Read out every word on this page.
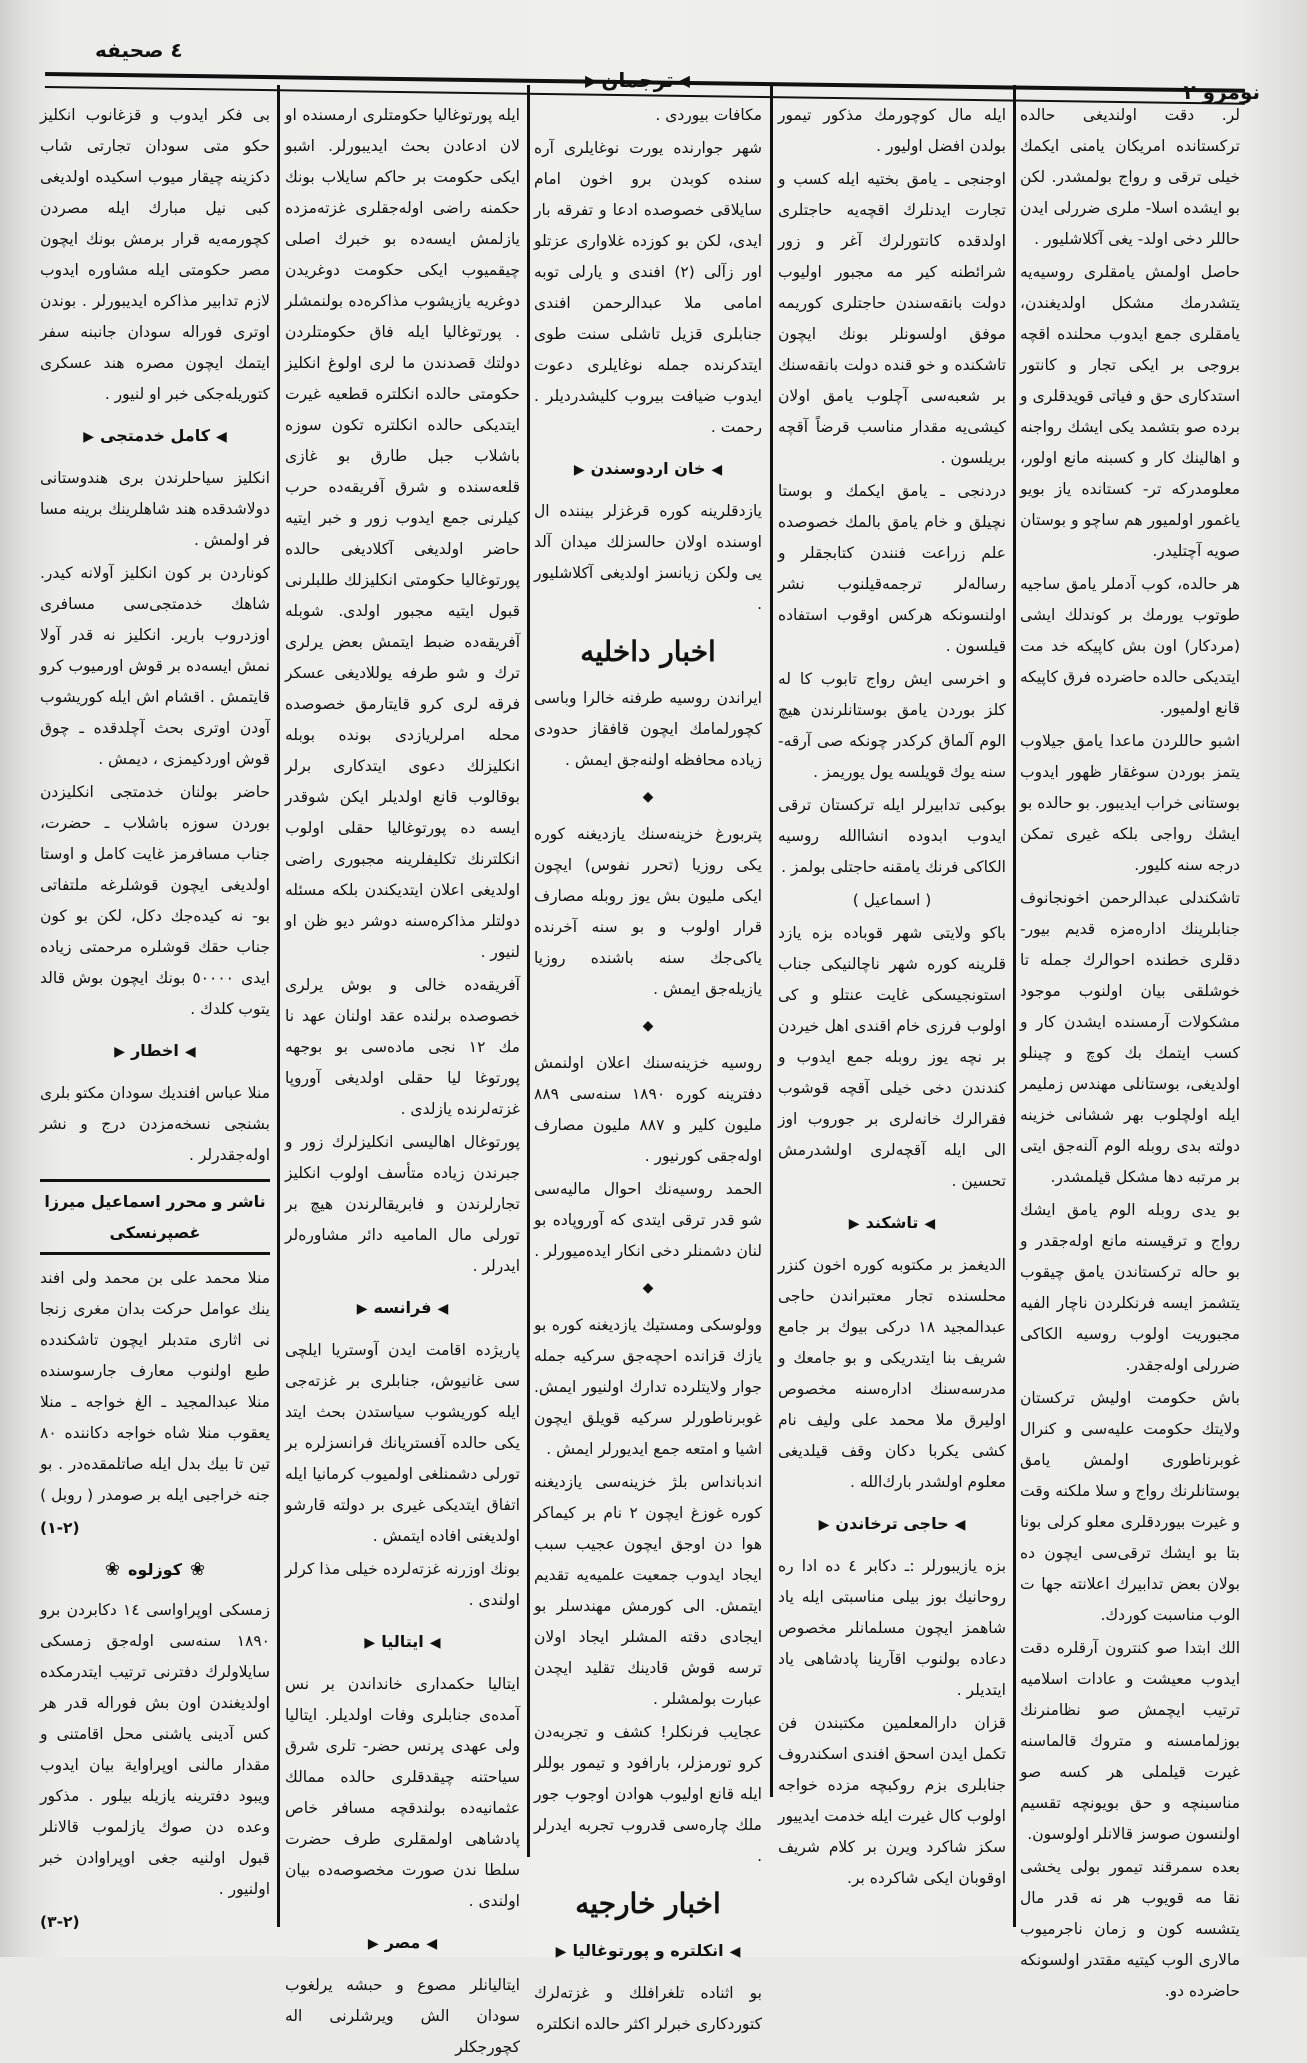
٤ صحيفه
◀
ترجمان
▶	نومرو ٢

لر. دقت اولنديغى حالده تركستانده امريكان يامنى ايكمك خيلى ترقى و رواج بولمشدر. لكن بو ايشده اسلا- ملرى ضررلى ايدن حاللر دخى اولد- يغى آكلاشليور .

حاصل اولمش يامقلرى روسيه‌يه يتشدرمك مشكل اولديغندن، يامقلرى جمع ايدوب محلنده اقچه بروجى بر ايكى تجار و كانتور استدكارى حق و فياتى قويدقلرى و برده صو بتشمد يكى ايشك رواجنه و اهالينك كار و كسبنه مانع اولور، معلومدركه تر- كستانده ياز بويو ياغمور اولميور هم ساچو و بوستان صويه آچتليدر.

هر حالده، كوب آدملر يامق ساجيه طوتوب يورمك بر كوندلك ايشى (مردكار) اون بش كاپيكه خد مت ايتديكى حالده حاضرده فرق كاپيكه قانع اولميور.

اشبو حاللردن ماعدا يامق جيلاوب يتمز بوردن سوغقار ظهور ايدوب بوستانى خراب ايديبور. بو حالده بو ايشك رواجى بلكه غيرى تمكن درجه سنه كليور.

تاشكندلى عبدالرحمن اخونجانوف جنابلرينك اداره‌مزه قديم بيور- دقلرى خطنده احوالرك جمله تا خوشلقى بيان اولنوب موجود مشكولات آرمسنده ايشدن كار و كسب ايتمك بك كوچ و چينلو اولديغى، بوستانلى مهندس زمليمر ايله اولچلوب بهر ششانى خزينه دولته بدى روبله الوم آلنه‌جق ايتى بر مرتبه دها مشكل قيلمشدر.

بو يدى روبله الوم يامق ايشك رواج و ترقيسنه مانع اوله‌جقدر و بو حاله تركستاندن يامق چيقوب يتشمز ايسه فرنكلردن ناچار الفيه مجبوريت اولوب روسيه الكاكى ضررلى اوله‌جقدر.

باش حكومت اوليش تركستان ولايتك حكومت عليه‌سى و كنرال غوبرناطورى اولمش يامق بوستانلرنك رواج و سلا ملكنه وقت و غيرت بيوردقلرى معلو كرلى بونا بتا بو ايشك ترقى‌سى ايچون ده بولان بعض تدابيرك اعلانته جها ت الوب مناسبت كوردك.

الك ابتدا صو كنترون آرقلره دقت ايدوب معيشت و عادات اسلاميه ترتيب ايچمش صو نظامنرنك بوزلمامسنه و متروك قالماسنه غيرت قيلملى هر كسه صو مناسبنچه و حق بويونچه تقسيم اولنسون صوسز قالانلر اولوسون.

بعده سمرقند تيمور بولى يخشى نقا مه قويوب هر نه قدر مال يتشسه كون و زمان ناجرميوب مالارى الوب كيتيه مقتدر اولسونكه حاضرده دو.

ايله مال كوچورمك مذكور تيمور بولدن افضل اوليور .

اوجنجى ـ يامق بختيه ايله كسب و تجارت ايدنلرك اقچه‌يه حاجتلرى اولدقده كانتورلرك آغر و زور شرائطنه كير مه مجبور اوليوب دولت بانقه‌سندن حاجتلرى كوريمه موفق اولسونلر بونك ايچون تاشكنده و خو قنده دولت بانقه‌سنك بر شعبه‌سى آچلوب يامق اولان كيشى‌يه مقدار مناسب قرضاً آقچه بريلسون .

دردنجى ـ يامق ايكمك و بوستا نچيلق و خام يامق بالمك خصوصده علم زراعت فنندن كتابجقلر و رساله‌لر ترجمه‌قيلنوب نشر اولنسونكه هركس اوقوب استفاده قيلسون .

و اخرسى ايش رواج تابوب كا له كلز بوردن يامق بوستانلرندن هيچ الوم آلماق كركدر چونكه صى آرقه- سنه يوك قويلسه يول يوريمز .

بوكبى تدابيرلر ايله تركستان ترقى ايدوب ابدوده انشاالله روسيه الكاكى فرنك يامقنه حاجتلى بولمز .

( اسماعيل )

باكو ولايتى شهر قوباده بزه يازد قلرينه كوره شهر ناچالنيكى جناب استونجيسكى غايت عنتلو و كى اولوب فرزى خام اقندى اهل خيردن بر نچه يوز روبله جمع ايدوب و كندندن دخى خيلى آقچه قوشوب فقرالرك خانه‌لرى بر جوروب اوز الى ايله آقچه‌لرى اولشدرمش تحسين .

◀تاشكند▶

الديغمز بر مكتوبه كوره اخون كنزر محلسنده تجار معتبراندن حاجى عبدالمجيد ١٨ دركى بيوك بر جامع شريف بنا ايتدريكى و بو جامعك و مدرسه‌سنك اداره‌سنه مخصوص اوليرق ملا محمد على وليف نام كشى يكربا دكان وقف قيلديغى معلوم اولشدر بارك‌الله .

◀حاجى ترخاندن▶

بزه يازيبورلر :ـ دكابر ٤ ده ادا ره روحانيك بوز بيلى مناسبتى ايله ياد شاهمز ايچون مسلمانلر مخصوص دعاده بولنوب اقآرينا پادشاهى ياد ايتديلر .

قزان دارالمعلمين مكتبندن فن تكمل ايدن اسحق افندى اسكندروف جنابلرى بزم روكبچه مزده خواجه اولوب كال غيرت ايله خدمت ايدييور سكز شاكرد ويرن بر كلام شريف اوقوبان ايكى شاكرده بر.

مكافات بيوردى .

شهر جوارنده يورت نوغايلرى آره سنده كوبدن برو اخون امام سايلاقى خصوصده ادعا و تفرقه بار ايدى، لكن بو كوزده غلاوارى عزتلو اور زآلى (٢) افندى و يارلى توبه امامى ملا عبدالرحمن افندى جنابلرى قزيل تاشلى سنت طوى ايتدكرنده جمله نوغايلرى دعوت ايدوب ضيافت بيروب كليشدرديلر . رحمت .

◀خان اردوسندن▶

يازدقلرينه كوره قرغزلر بيننده ال اوسنده اولان حالسزلك ميدان آلد يى ولكن زيانسز اولديغى آكلاشليور .

اخبار داخليه

ايراندن روسيه طرفنه خالرا وباسى كچورلمامك ايچون قافقاز حدودى زياده محافظه اولنه‌جق ايمش .

◆

پتربورغ خزينه‌سنك يازديغنه كوره يكى روزيا (تحرر نفوس) ايچون ايكى مليون بش يوز روبله مصارف قرار اولوب و بو سنه آخرنده ياكى‌جك سنه باشنده روزيا يازيله‌جق ايمش .

◆

روسيه خزينه‌سنك اعلان اولنمش دفترينه كوره ١٨٩٠ سنه‌سى ٨٨٩ مليون كلير و ٨٨٧ مليون مصارف اوله‌جقى كورنيور .

الحمد روسيه‌نك احوال ماليه‌سى شو قدر ترقى ايتدى كه آوروپاده بو لنان دشمنلر دخى انكار ايده‌ميورلر .

◆

وولوسكى ومستيك يازديغنه كوره بو يازك قزانده احچه‌جق سركيه جمله جوار ولايتلرده تدارك اولنيور ايمش. غوبرناطورلر سركيه قويلق ايچون اشيا و امتعه جمع ايديورلر ايمش .

اندبانداس بلژ خزينه‌سى يازديغنه كوره غوزغ ايچون ٢ نام بر كيماكر هوا دن اوجق ايچون عجيب سبب ايجاد ايدوب جمعيت علميه‌يه تقديم ايتمش. الى كورمش مهندسلر بو ايجادى دقته المشلر ايجاد اولان ترسه قوش قادينك تقليد ايچدن عبارت بولمشلر .

عجايب فرنكلر! كشف و تجربه‌دن كرو تورمزلر، بارافود و تيمور بوللر ايله قانع اوليوب هوادن اوجوب جور ملك چاره‌سى قدروب تجربه ايدرلر .

اخبار خارجيه
◀انكلتره و پورتوغاليا▶

بو اثناده تلغرافلك و غزته‌لرك كتوردكارى خبرلر اكثر حالده انكلتره

ايله پورتوغاليا حكومتلرى ارمسنده او لان ادعادن بحث ايديبورلر. اشبو ايكى حكومت بر حاكم سايلاب بونك حكمنه راضى اوله‌جقلرى غزته‌مزده يازلمش ايسه‌ده بو خبرك اصلى چيقميوب ايكى حكومت دوغريدن دوغريه يازيشوب مذاكره‌ده بولنمشلر . پورتوغاليا ايله فاق حكومتلردن دولتك قصدندن ما لرى اولوغ انكليز حكومتى حالده انكلتره قطعيه غيرت ايتديكى حالده انكلتره تكون سوزه باشلاب جبل طارق بو غازى قلعه‌سنده و شرق آفريقه‌ده حرب كيلرنى جمع ايدوب زور و خبر ايتيه حاضر اولديغى آكلاديغى حالده پورتوغاليا حكومتى انكليزلك طلبلرنى قبول ايتيه مجبور اولدى. شوبله آفريقه‌ده ضبط ايتمش بعض يرلرى ترك و شو طرفه يوللاديغى عسكر فرقه لرى كرو قايتارمق خصوصده محله امرلريازدى بونده بوبله انكليزلك دعوى ايتدكارى برلر بوقالوب قانع اولديلر ايكن شوقدر ايسه ده پورتوغاليا حقلى اولوب انكلترنك تكليفلرينه مجبورى راضى اولديغى اعلان ايتديكندن بلكه مسئله دولتلر مذاكره‌سنه دوشر ديو ظن او لنيور .

آفريقه‌ده خالى و بوش يرلرى خصوصده برلنده عقد اولنان عهد نا مك ١٢ نجى ماده‌سى بو بوجهه پورتوغا ليا حقلى اولديغى آوروپا غزته‌لرنده يازلدى .

پورتوغال اهاليسى انكليزلرك زور و جبرندن زياده متأسف اولوب انكليز تجارلرندن و فابريقالرندن هيچ بر تورلى مال الماميه دائر مشاوره‌لر ايدرلر .

◀فرانسه▶

پاريژده اقامت ايدن آوستريا ايلچى سى غانيوش، جنابلرى بر غزته‌جى ايله كوريشوب سياستدن بحث ايتد يكى حالده آفستريانك فرانسزلره بر تورلى دشمنلغى اولميوب كرمانيا ايله اتفاق ايتديكى غيرى بر دولته قارشو اولديغنى افاده ايتمش .

بونك اوزرنه غزته‌لرده خيلى مذا كرلر اولندى .

◀ايتاليا▶

ايتاليا حكمدارى خانداندن بر نس آمده‌ى جنابلرى وفات اولديلر. ايتاليا ولى عهدى پرنس حضر- تلرى شرق سياحتنه چيقدقلرى حالده ممالك عثمانيه‌ده بولندقچه مسافر خاص پادشاهى اولمقلرى طرف حضرت سلطا ندن صورت مخصوصه‌ده بيان اولندى .

◀مصر▶

ايتاليانلر مصوع و حبشه يرلغوب سودان الش ويرشلرنى اله كچورجكلر

بى فكر ايدوب و قزغانوب انكليز حكو متى سودان تجارتى شاب دكزينه چيقار ميوب اسكيده اولديغى كبى نيل مبارك ايله مصردن كچورمه‌يه قرار برمش بونك ايچون مصر حكومتى ايله مشاوره ايدوب لازم تدابير مذاكره ايديبورلر . بوندن اوترى فوراله سودان جانبنه سفر ايتمك ايچون مصره هند عسكرى كتوريله‌جكى خبر او لنيور .

◀كامل خدمتجى▶

انكليز سياحلرندن برى هندوستانى دولاشدقده هند شاهلرينك برينه مسا فر اولمش .

كوناردن بر كون انكليز آولانه كيدر. شاهك خدمتجى‌سى مسافرى اوزدروب بارير. انكليز نه قدر آولا نمش ايسه‌ده بر قوش اورميوب كرو قايتمش . اقشام اش ايله كوريشوب آودن اوترى بحث آچلدقده ـ چوق قوش اوردكيمزى ، ديمش .

حاضر بولنان خدمتجى انكليزدن بوردن سوزه باشلاب ـ حضرت، جناب مسافرمز غايت كامل و اوستا اولديغى ايچون قوشلرغه ملتفاتى بو- نه كيده‌جك دكل، لكن بو كون جناب حقك قوشلره مرحمتى زياده ايدى ٥٠٠٠٠ بونك ايچون بوش قالد يتوب كلدك .

◀اخطار▶

منلا عباس افنديك سودان مكتو بلرى بشنجى نسخه‌مزدن درج و نشر اوله‌جقدرلر .

ناشر و محرر اسماعيل ميرزا غصپرنسكى

منلا محمد على بن محمد ولى افند ينك عوامل حركت بدان مغرى زنجا نى اثارى متدبلر ايچون تاشكندده طبع اولنوب معارف جارسوسنده منلا عبدالمجيد ـ الغ خواجه ـ منلا يعقوب منلا شاه خواجه دكاننده ٨٠ تين تا بيك بدل ايله صاتلمقده‌در . بو جنه خراجبى ايله بر صومدر ( روبل )

(٢-١)

❀كوزلوه❀

زمسكى اوپراواسى ١٤ دكابردن برو ١٨٩٠ سنه‌سى اوله‌جق زمسكى سايلاولرك دفترنى ترتيب ايتدرمكده اولديغندن اون بش فوراله قدر هر كس آدينى ياشنى محل اقامتنى و مقدار مالنى اوپراواية بيان ايدوب ويبود دفترينه يازيله بيلور . مذكور وعده دن صوك يازلموب قالانلر قبول اولنيه جغى اوپراوادن خبر اولنيور .

(٢-٣)
